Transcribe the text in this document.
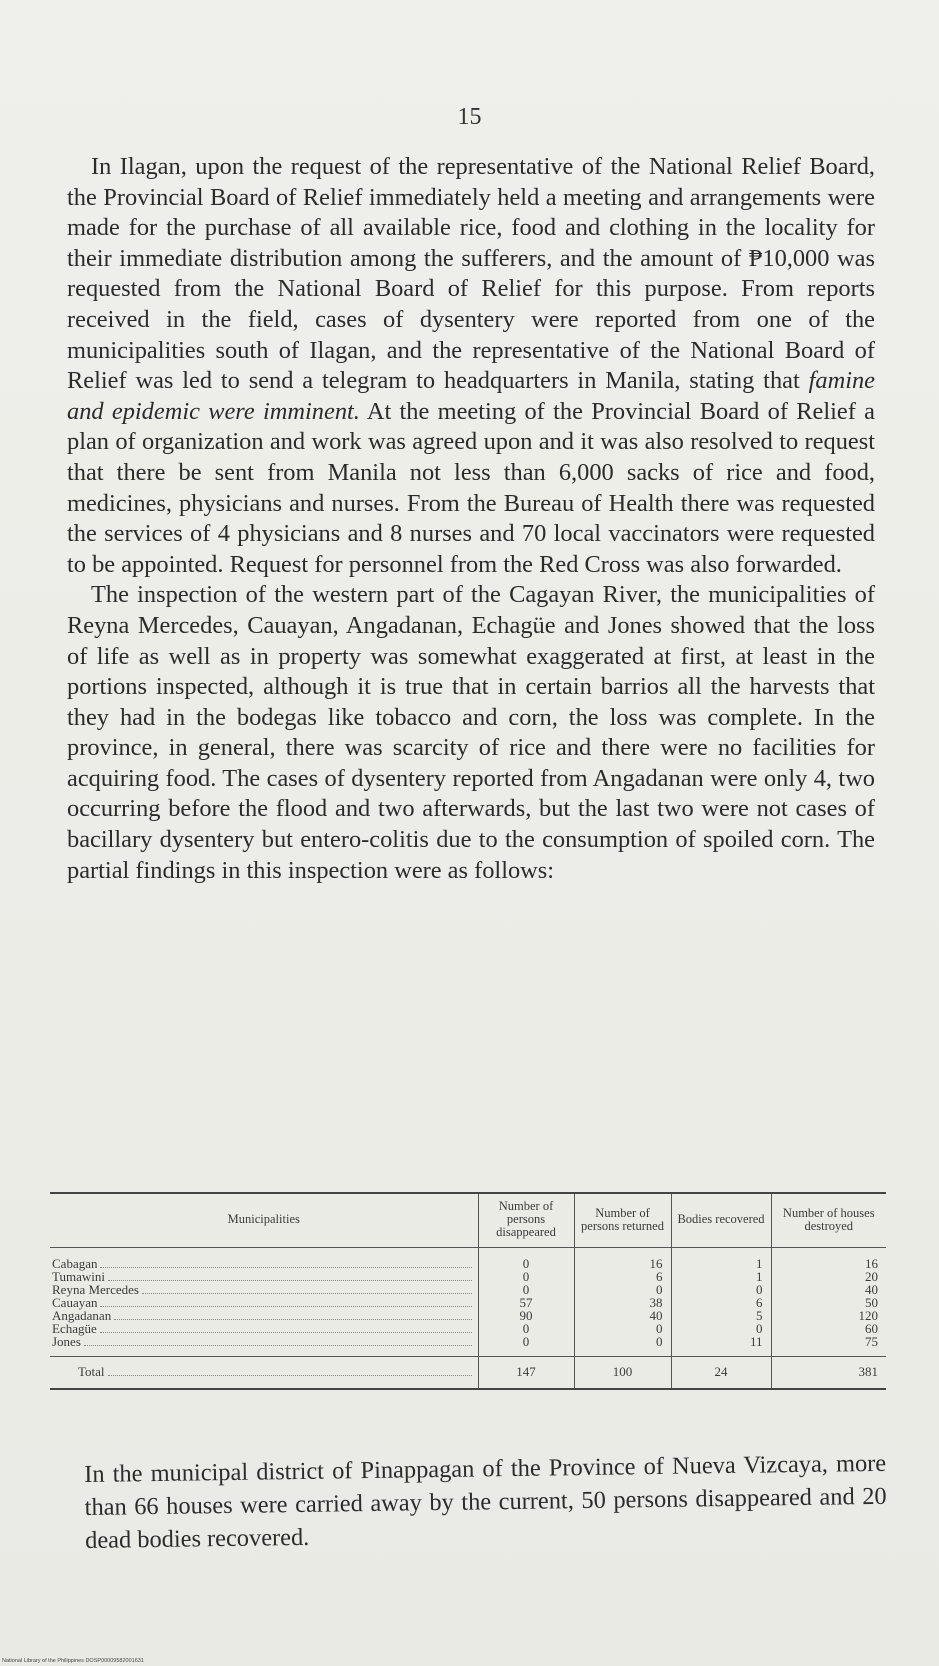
15

In Ilagan, upon the request of the representative of the National Relief Board, the Provincial Board of Relief immediately held a meeting and arrangements were made for the purchase of all available rice, food and clothing in the locality for their immediate distribution among the sufferers, and the amount of ₱10,000 was requested from the National Board of Relief for this purpose. From reports received in the field, cases of dysentery were reported from one of the municipalities south of Ilagan, and the representative of the National Board of Relief was led to send a telegram to headquarters in Manila, stating that famine and epidemic were imminent. At the meeting of the Provincial Board of Relief a plan of organization and work was agreed upon and it was also resolved to request that there be sent from Manila not less than 6,000 sacks of rice and food, medicines, physicians and nurses. From the Bureau of Health there was requested the services of 4 physicians and 8 nurses and 70 local vaccinators were requested to be appointed. Request for personnel from the Red Cross was also forwarded.

The inspection of the western part of the Cagayan River, the municipalities of Reyna Mercedes, Cauayan, Angadanan, Echagüe and Jones showed that the loss of life as well as in property was somewhat exaggerated at first, at least in the portions inspected, although it is true that in certain barrios all the harvests that they had in the bodegas like tobacco and corn, the loss was complete. In the province, in general, there was scarcity of rice and there were no facilities for acquiring food. The cases of dysentery reported from Angadanan were only 4, two occurring before the flood and two afterwards, but the last two were not cases of bacillary dysentery but entero-colitis due to the consumption of spoiled corn. The partial findings in this inspection were as follows:

Municipalities	Number of persons disappeared	Number of persons returned	Bodies recovered	Number of houses destroyed

Cabagan	0	16	1	16

Tumawini	0	6	1	20

Reyna Mercedes	0	0	0	40

Cauayan	57	38	6	50

Angadanan	90	40	5	120

Echagüe	0	0	0	60

Jones	0	0	11	75

Total	147	100	24	381

In the municipal district of Pinappagan of the Province of Nueva Vizcaya, more than 66 houses were carried away by the current, 50 persons disappeared and 20 dead bodies recovered.

National Library of the Philippines DOSP00009582001631
